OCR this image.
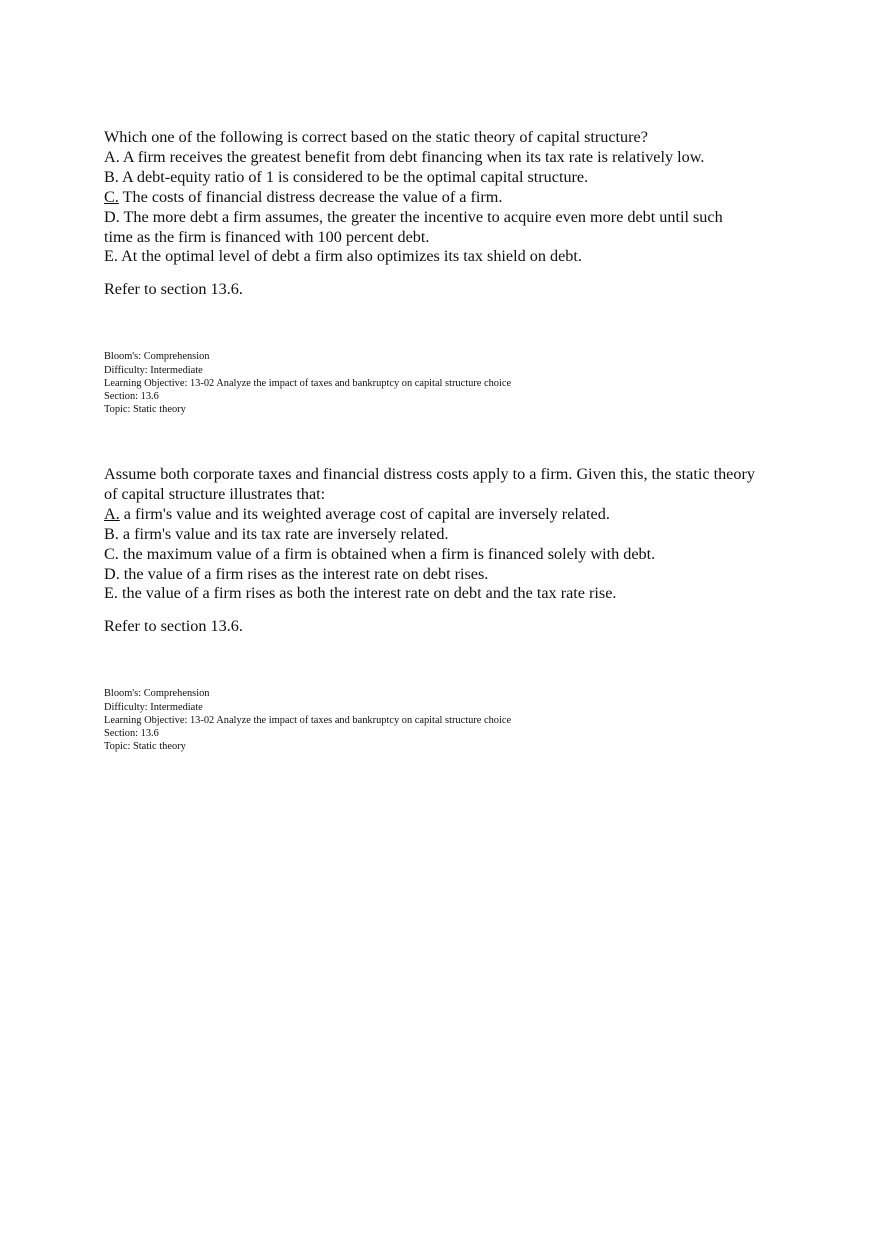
Which one of the following is correct based on the static theory of capital structure?

A. A firm receives the greatest benefit from debt financing when its tax rate is relatively low.

B. A debt-equity ratio of 1 is considered to be the optimal capital structure.

C. The costs of financial distress decrease the value of a firm.

D. The more debt a firm assumes, the greater the incentive to acquire even more debt until such time as the firm is financed with 100 percent debt.

E. At the optimal level of debt a firm also optimizes its tax shield on debt.

Refer to section 13.6.

Bloom's: Comprehension

Difficulty: Intermediate

Learning Objective: 13-02 Analyze the impact of taxes and bankruptcy on capital structure choice

Section: 13.6

Topic: Static theory

Assume both corporate taxes and financial distress costs apply to a firm. Given this, the static theory of capital structure illustrates that:

A. a firm's value and its weighted average cost of capital are inversely related.

B. a firm's value and its tax rate are inversely related.

C. the maximum value of a firm is obtained when a firm is financed solely with debt.

D. the value of a firm rises as the interest rate on debt rises.

E. the value of a firm rises as both the interest rate on debt and the tax rate rise.

Refer to section 13.6.

Bloom's: Comprehension

Difficulty: Intermediate

Learning Objective: 13-02 Analyze the impact of taxes and bankruptcy on capital structure choice

Section: 13.6

Topic: Static theory
